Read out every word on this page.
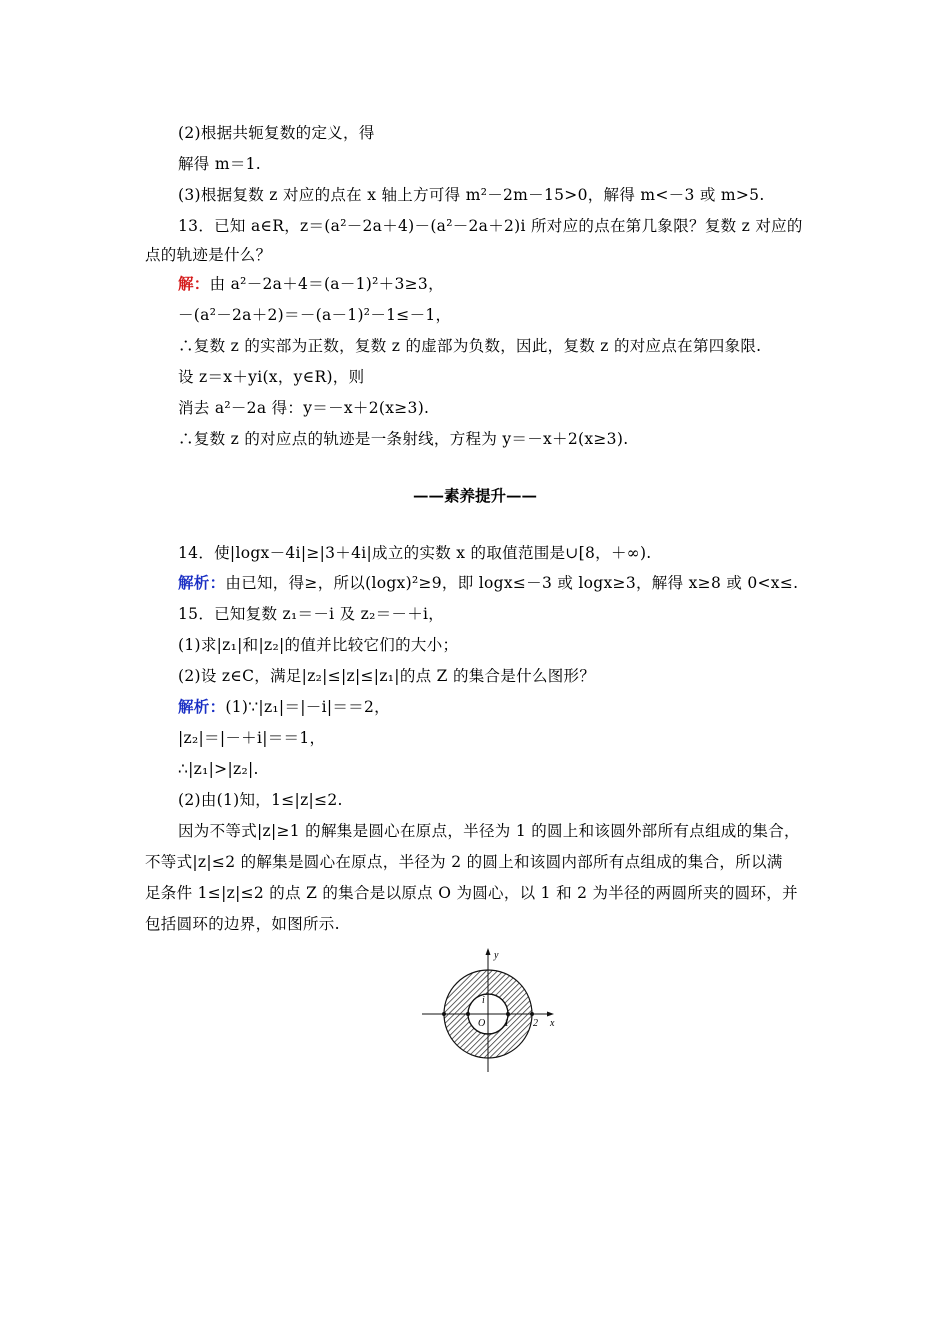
(2)根据共轭复数的定义，得
解得 m＝1.
(3)根据复数 z 对应的点在 x 轴上方可得 m²－2m－15>0，解得 m<－3 或 m>5.
13．已知 a∈R，z＝(a²－2a＋4)－(a²－2a＋2)i 所对应的点在第几象限？复数 z 对应的
点的轨迹是什么？
解：由 a²－2a＋4＝(a－1)²＋3≥3，
－(a²－2a＋2)＝－(a－1)²－1≤－1，
∴复数 z 的实部为正数，复数 z 的虚部为负数，因此，复数 z 的对应点在第四象限.
设 z＝x＋yi(x，y∈R)，则
消去 a²－2a 得：y＝－x＋2(x≥3).
∴复数 z 的对应点的轨迹是一条射线，方程为 y＝－x＋2(x≥3).
——素养提升——
14．使|logx－4i|≥|3＋4i|成立的实数 x 的取值范围是∪[8，＋∞).
解析：由已知，得≥，所以(logx)²≥9，即 logx≤－3 或 logx≥3，解得 x≥8 或 0<x≤.
15．已知复数 z₁＝－i 及 z₂＝－＋i，
(1)求|z₁|和|z₂|的值并比较它们的大小；
(2)设 z∈C，满足|z₂|≤|z|≤|z₁|的点 Z 的集合是什么图形？
解析：(1)∵|z₁|＝|－i|＝＝2，
|z₂|＝|－＋i|＝＝1，
∴|z₁|>|z₂|.
(2)由(1)知，1≤|z|≤2.
因为不等式|z|≥1 的解集是圆心在原点，半径为 1 的圆上和该圆外部所有点组成的集合，
不等式|z|≤2 的解集是圆心在原点，半径为 2 的圆上和该圆内部所有点组成的集合，所以满
足条件 1≤|z|≤2 的点 Z 的集合是以原点 O 为圆心，以 1 和 2 为半径的两圆所夹的圆环，并
包括圆环的边界，如图所示.
y
x
O 1 2
i
